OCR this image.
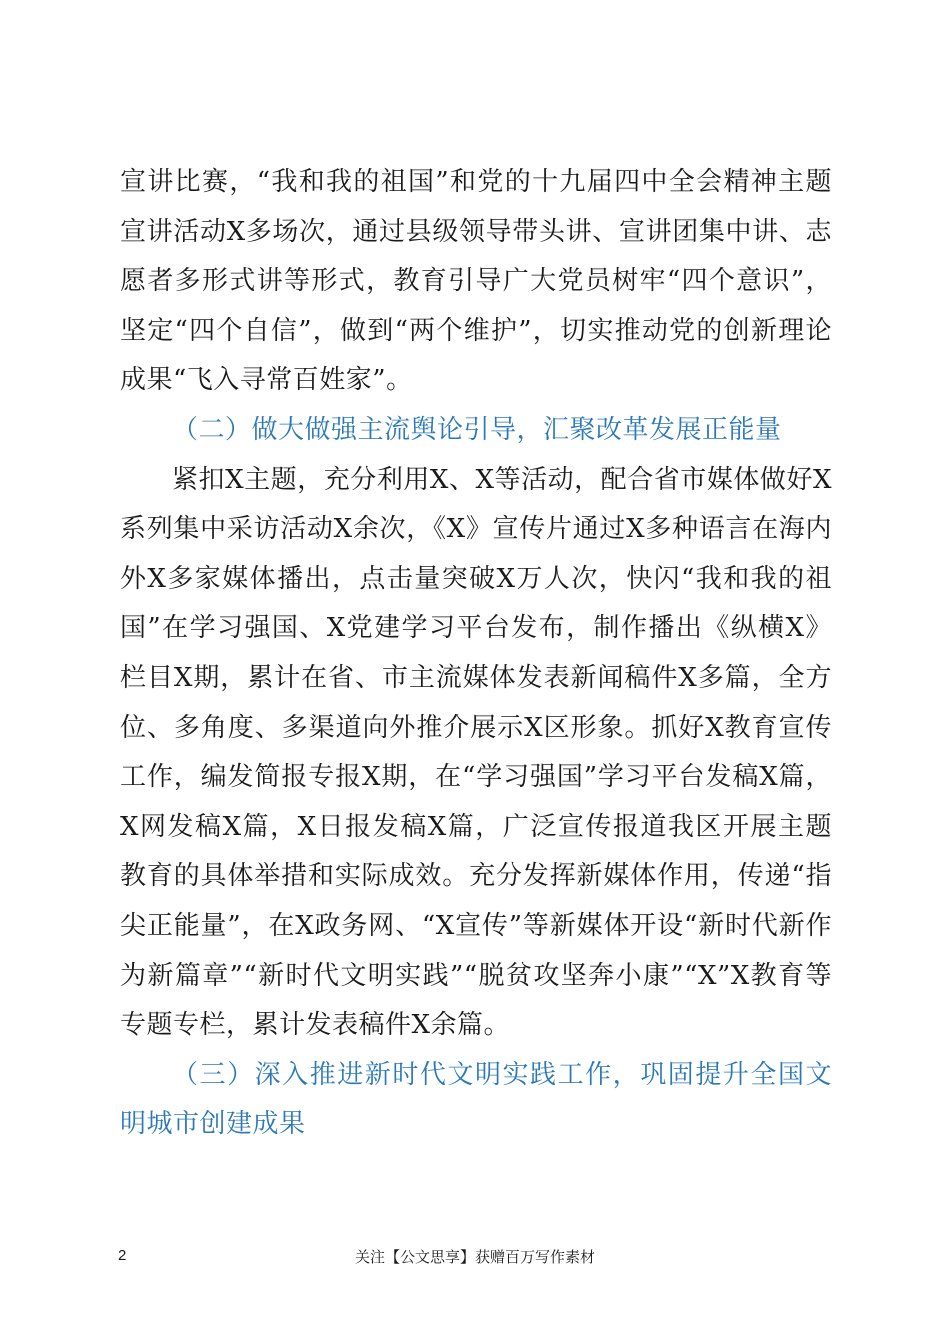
宣讲比赛，“我和我的祖国”和党的十九届四中全会精神主题宣讲活动X多场次，通过县级领导带头讲、宣讲团集中讲、志愿者多形式讲等形式，教育引导广大党员树牢“四个意识”，坚定“四个自信”，做到“两个维护”，切实推动党的创新理论成果“飞入寻常百姓家”。

（二）做大做强主流舆论引导，汇聚改革发展正能量

紧扣X主题，充分利用X、X等活动，配合省市媒体做好X系列集中采访活动X余次，《X》宣传片通过X多种语言在海内外X多家媒体播出，点击量突破X万人次，快闪“我和我的祖国”在学习强国、X党建学习平台发布，制作播出《纵横X》栏目X期，累计在省、市主流媒体发表新闻稿件X多篇，全方位、多角度、多渠道向外推介展示X区形象。抓好X教育宣传工作，编发简报专报X期，在“学习强国”学习平台发稿X篇，X网发稿X篇，X日报发稿X篇，广泛宣传报道我区开展主题教育的具体举措和实际成效。充分发挥新媒体作用，传递“指尖正能量”，在X政务网、“X宣传”等新媒体开设“新时代新作为新篇章”“新时代文明实践”“脱贫攻坚奔小康”“X”X教育等专题专栏，累计发表稿件X余篇。

（三）深入推进新时代文明实践工作，巩固提升全国文明城市创建成果

2	关注【公文思享】获赠百万写作素材
